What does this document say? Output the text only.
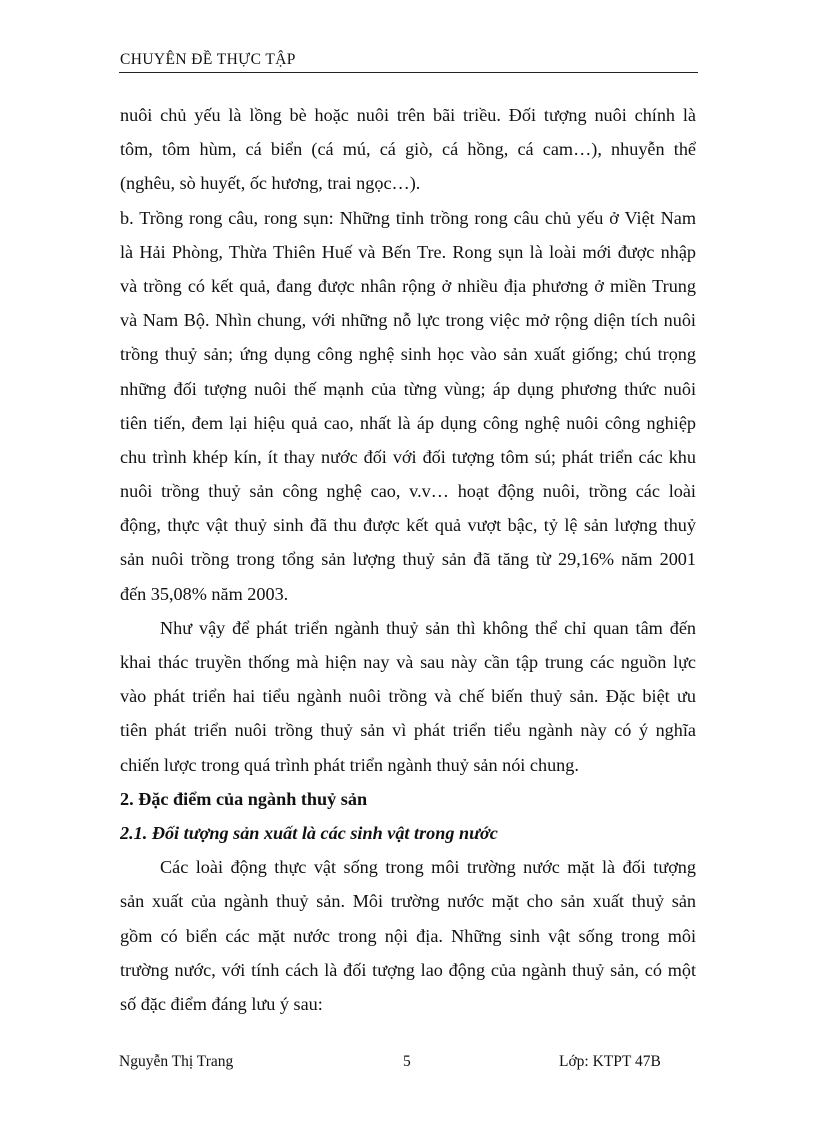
CHUYÊN ĐỀ THỰC TẬP
nuôi chủ yếu là lồng bè hoặc nuôi trên bãi triều. Đối tượng nuôi chính là
tôm, tôm hùm, cá biển (cá mú, cá giò, cá hồng, cá cam…), nhuyễn thể
(nghêu, sò huyết, ốc hương, trai ngọc…).
b. Trồng rong câu, rong sụn: Những tỉnh trồng rong câu chủ yếu ở Việt Nam
là Hải Phòng, Thừa Thiên Huế và Bến Tre. Rong sụn là loài mới được nhập
và trồng có kết quả, đang được nhân rộng ở nhiều địa phương ở miền Trung
và Nam Bộ. Nhìn chung, với những nỗ lực trong việc mở rộng diện tích nuôi
trồng thuỷ sản; ứng dụng công nghệ sinh học vào sản xuất giống; chú trọng
những đối tượng nuôi thế mạnh của từng vùng; áp dụng phương thức nuôi
tiên tiến, đem lại hiệu quả cao, nhất là áp dụng công nghệ nuôi công nghiệp
chu trình khép kín, ít thay nước đối với đối tượng tôm sú; phát triển các khu
nuôi trồng thuỷ sản công nghệ cao, v.v… hoạt động nuôi, trồng các loài
động, thực vật thuỷ sinh đã thu được kết quả vượt bậc, tỷ lệ sản lượng thuỷ
sản nuôi trồng trong tổng sản lượng thuỷ sản đã tăng từ 29,16% năm 2001
đến 35,08% năm 2003.
Như vậy để phát triển ngành thuỷ sản thì không thể chỉ quan tâm đến
khai thác truyền thống mà hiện nay và sau này cần tập trung các nguồn lực
vào phát triển hai tiểu ngành nuôi trồng và chế biến thuỷ sản. Đặc biệt ưu
tiên phát triển nuôi trồng thuỷ sản vì phát triển tiểu ngành này có ý nghĩa
chiến lược trong quá trình phát triển ngành thuỷ sản nói chung.
2. Đặc điểm của ngành thuỷ sản
2.1. Đối tượng sản xuất là các sinh vật trong nước
Các loài động thực vật sống trong môi trường nước mặt là đối tượng
sản xuất của ngành thuỷ sản. Môi trường nước mặt cho sản xuất thuỷ sản
gồm có biển các mặt nước trong nội địa. Những sinh vật sống trong môi
trường nước, với tính cách là đối tượng lao động của ngành thuỷ sản, có một
số đặc điểm đáng lưu ý sau:
Nguyễn Thị Trang	5	Lớp: KTPT 47B
